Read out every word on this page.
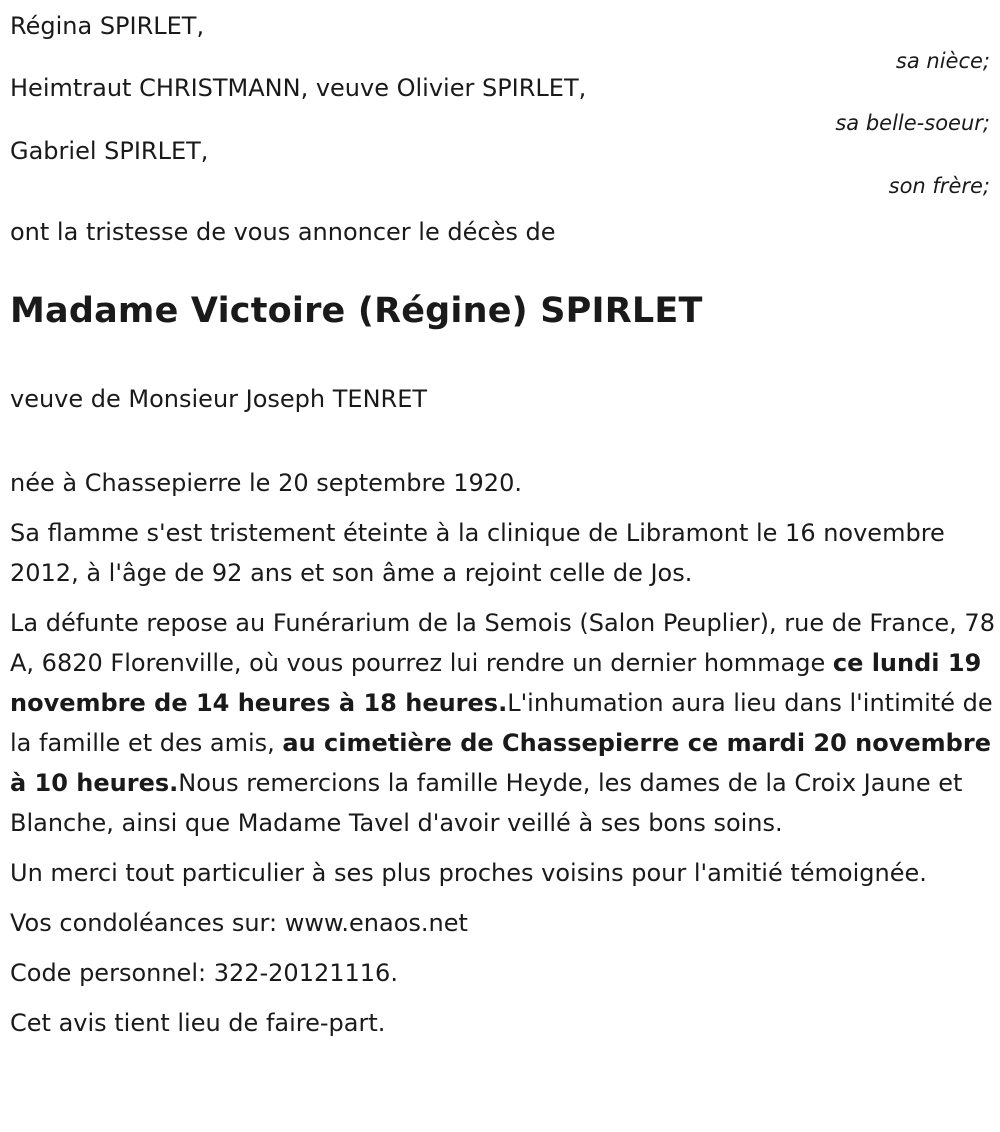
Régina SPIRLET,
sa nièce;
Heimtraut CHRISTMANN, veuve Olivier SPIRLET,
sa belle-soeur;
Gabriel SPIRLET,
son frère;
ont la tristesse de vous annoncer le décès de
Madame Victoire (Régine) SPIRLET
veuve de Monsieur Joseph TENRET

née à Chassepierre le 20 septembre 1920.

Sa flamme s'est tristement éteinte à la clinique de Libramont le 16 novembre 2012, à l'âge de 92 ans et son âme a rejoint celle de Jos.

La défunte repose au Funérarium de la Semois (Salon Peuplier), rue de France, 78 A, 6820 Florenville, où vous pourrez lui rendre un dernier hommage ce lundi 19 novembre de 14 heures à 18 heures.L'inhumation aura lieu dans l'intimité de la famille et des amis, au cimetière de Chassepierre ce mardi 20 novembre à 10 heures.Nous remercions la famille Heyde, les dames de la Croix Jaune et Blanche, ainsi que Madame Tavel d'avoir veillé à ses bons soins.

Un merci tout particulier à ses plus proches voisins pour l'amitié témoignée.

Vos condoléances sur: www.enaos.net

Code personnel: 322-20121116.

Cet avis tient lieu de faire-part.
